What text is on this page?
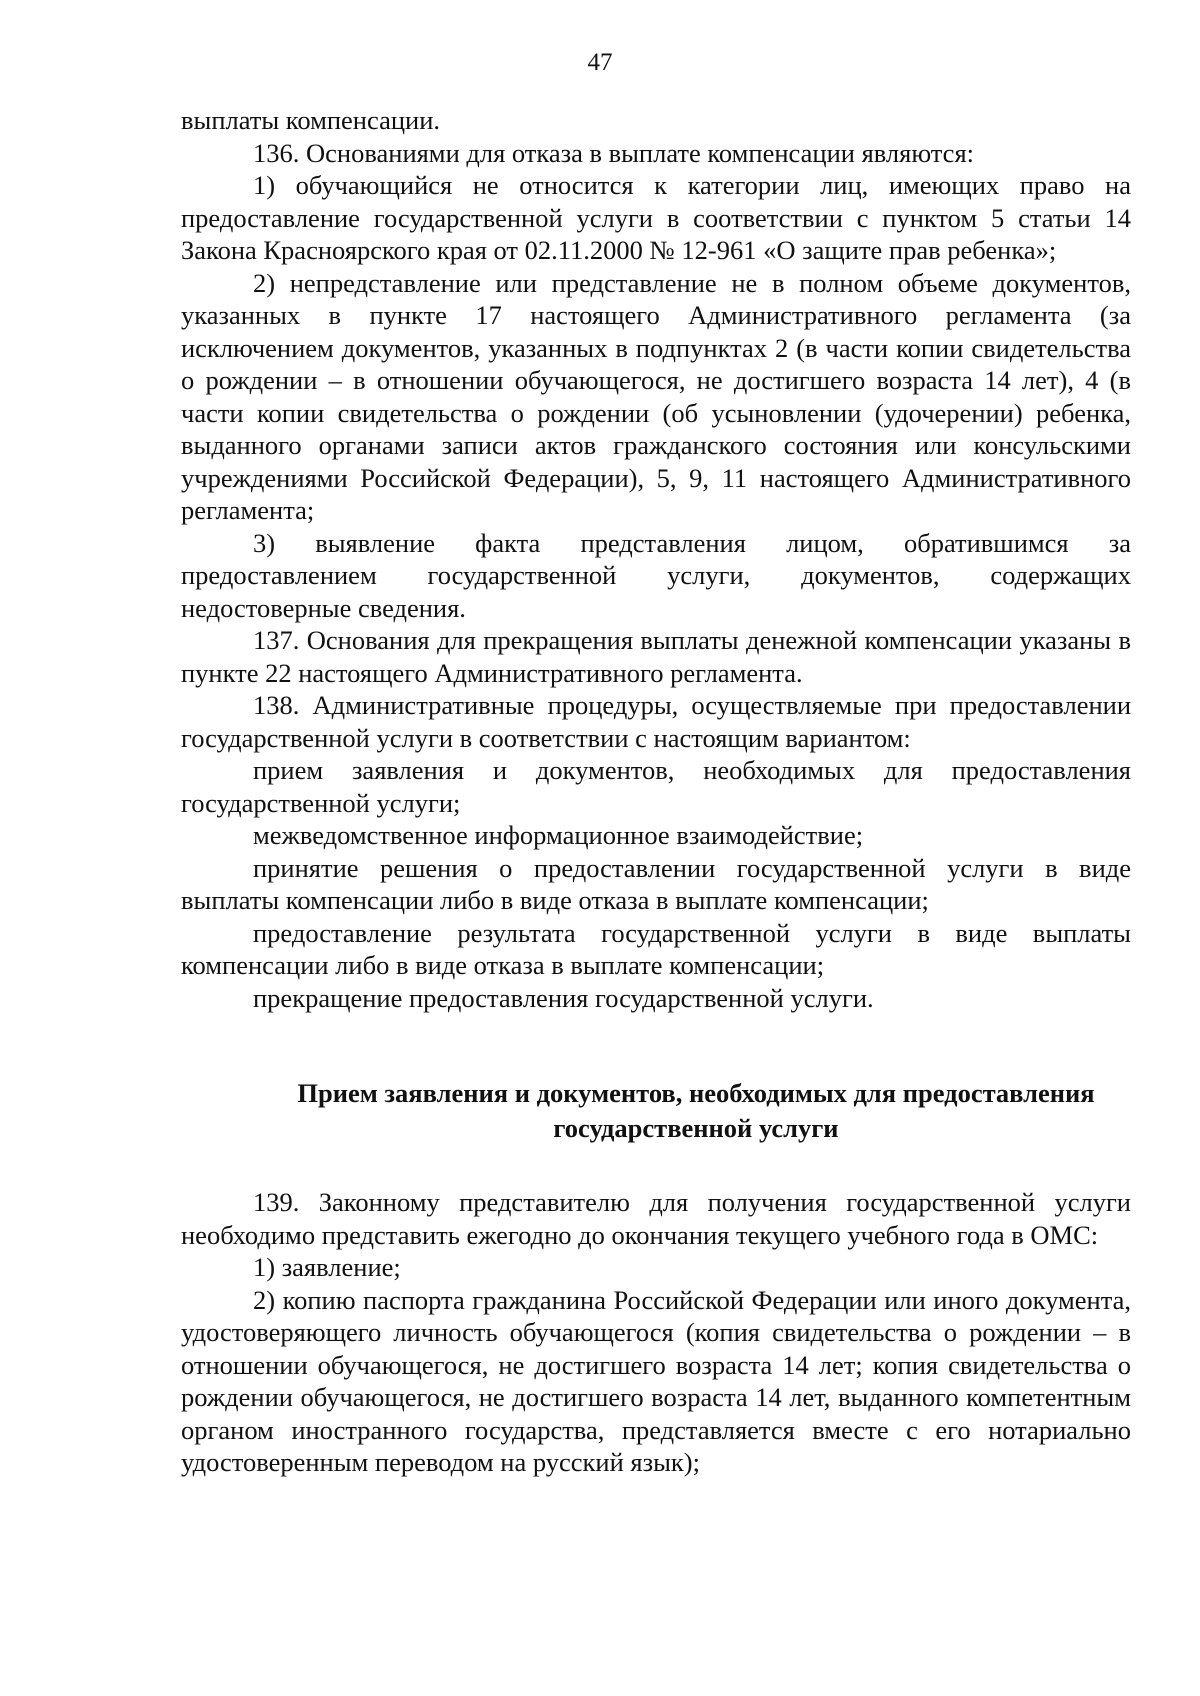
47

выплаты компенсации.

136. Основаниями для отказа в выплате компенсации являются:

1) обучающийся не относится к категории лиц, имеющих право на предоставление государственной услуги в соответствии с пунктом 5 статьи 14 Закона Красноярского края от 02.11.2000 № 12-961 «О защите прав ребенка»;

2) непредставление или представление не в полном объеме документов, указанных в пункте 17 настоящего Административного регламента (за исключением документов, указанных в подпунктах 2 (в части копии свидетельства о рождении – в отношении обучающегося, не достигшего возраста 14 лет), 4 (в части копии свидетельства о рождении (об усыновлении (удочерении) ребенка, выданного органами записи актов гражданского состояния или консульскими учреждениями Российской Федерации), 5, 9, 11 настоящего Административного регламента;

3) выявление факта представления лицом, обратившимся за предоставлением государственной услуги, документов, содержащих недостоверные сведения.

137. Основания для прекращения выплаты денежной компенсации указаны в пункте 22 настоящего Административного регламента.

138. Административные процедуры, осуществляемые при предоставлении государственной услуги в соответствии с настоящим вариантом:

прием заявления и документов, необходимых для предоставления государственной услуги;

межведомственное информационное взаимодействие;

принятие решения о предоставлении государственной услуги в виде выплаты компенсации либо в виде отказа в выплате компенсации;

предоставление результата государственной услуги в виде выплаты компенсации либо в виде отказа в выплате компенсации;

прекращение предоставления государственной услуги.

Прием заявления и документов, необходимых для предоставления

государственной услуги

139. Законному представителю для получения государственной услуги необходимо представить ежегодно до окончания текущего учебного года в ОМС:

1) заявление;

2) копию паспорта гражданина Российской Федерации или иного документа, удостоверяющего личность обучающегося (копия свидетельства о рождении – в отношении обучающегося, не достигшего возраста 14 лет; копия свидетельства о рождении обучающегося, не достигшего возраста 14 лет, выданного компетентным органом иностранного государства, представляется вместе с его нотариально удостоверенным переводом на русский язык);
